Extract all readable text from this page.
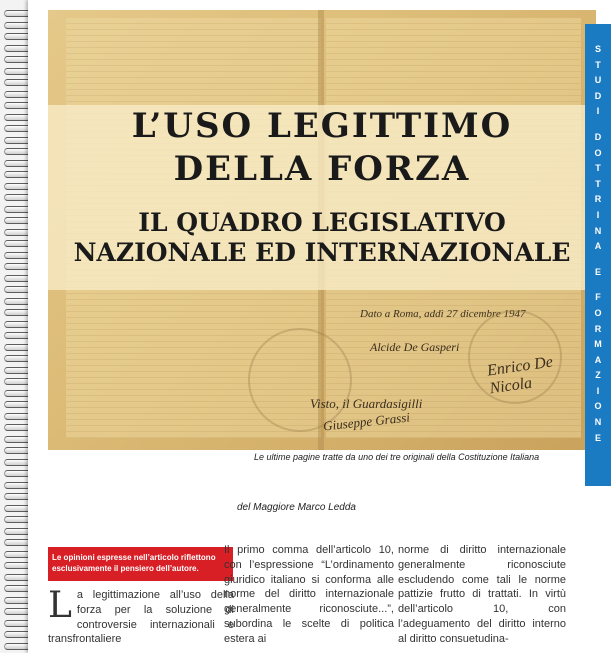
L’USO LEGITTIMO
DELLA FORZA
IL QUADRO LEGISLATIVO
NAZIONALE ED INTERNAZIONALE
Dato a Roma, addì 27 dicembre 1947
Alcide De Gasperi
Enrico De Nicola
Visto, il Guardasigilli
Giuseppe Grassi
Le ultime pagine tratte da uno dei tre originali della Costituzione Italiana
S
T
U
D
I
D
O
T
T
R
I
N
A
E
F
O
R
M
A
Z
I
O
N
E
del Maggiore Marco Ledda
Le opinioni espresse nell’articolo riflettono esclusivamente il pensiero dell’autore.
L a legittimazione all’uso della forza per la soluzione di controversie internazionali e transfrontaliere

Il primo comma dell’articolo 10, con l’espressione “L’ordinamento giuridico italiano si conforma alle norme del diritto internazionale generalmente riconosciute...”, subordina le scelte di politica estera ai

norme di diritto internazionale generalmente riconosciute escludendo come tali le norme pattizie frutto di trattati. In virtù dell’articolo 10, con l’adeguamento del diritto interno al diritto consuetudina-
